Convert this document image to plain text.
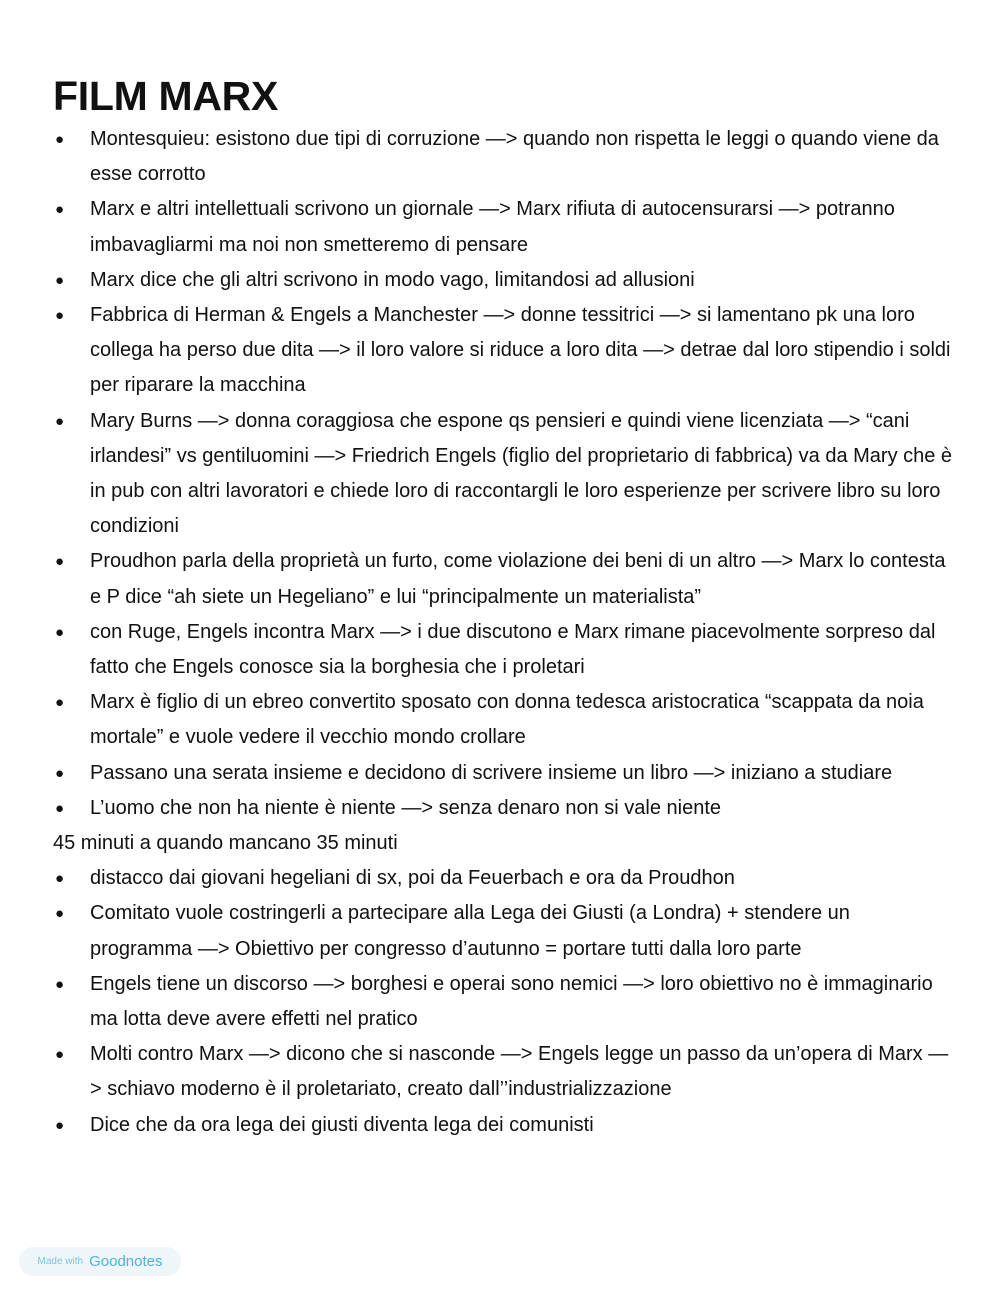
FILM MARX
● Montesquieu: esistono due tipi di corruzione —> quando non rispetta le leggi o quando viene da esse corrotto
● Marx e altri intellettuali scrivono un giornale —> Marx rifiuta di autocensurarsi —> potranno imbavagliarmi ma noi non smetteremo di pensare
● Marx dice che gli altri scrivono in modo vago, limitandosi ad allusioni
● Fabbrica di Herman & Engels a Manchester —> donne tessitrici —> si lamentano pk una loro collega ha perso due dita —> il loro valore si riduce a loro dita —> detrae dal loro stipendio i soldi per riparare la macchina
● Mary Burns —> donna coraggiosa che espone qs pensieri e quindi viene licenziata —> “cani irlandesi” vs gentiluomini —> Friedrich Engels (figlio del proprietario di fabbrica) va da Mary che è in pub con altri lavoratori e chiede loro di raccontargli le loro esperienze per scrivere libro su loro condizioni
● Proudhon parla della proprietà un furto, come violazione dei beni di un altro —> Marx lo contesta e P dice “ah siete un Hegeliano” e lui “principalmente un materialista”
● con Ruge, Engels incontra Marx —> i due discutono e Marx rimane piacevolmente sorpreso dal fatto che Engels conosce sia la borghesia che i proletari
● Marx è figlio di un ebreo convertito sposato con donna tedesca aristocratica “scappata da noia mortale” e vuole vedere il vecchio mondo crollare
● Passano una serata insieme e decidono di scrivere insieme un libro —> iniziano a studiare
● L’uomo che non ha niente è niente —> senza denaro non si vale niente

45 minuti a quando mancano 35 minuti

● distacco dai giovani hegeliani di sx, poi da Feuerbach e ora da Proudhon
● Comitato vuole costringerli a partecipare alla Lega dei Giusti (a Londra) + stendere un programma —> Obiettivo per congresso d’autunno = portare tutti dalla loro parte
● Engels tiene un discorso —> borghesi e operai sono nemici —> loro obiettivo no è immaginario ma lotta deve avere effetti nel pratico
● Molti contro Marx —> dicono che si nasconde —> Engels legge un passo da un’opera di Marx —> schiavo moderno è il proletariato, creato dall’’industrializzazione
● Dice che da ora lega dei giusti diventa lega dei comunisti
Made with Goodnotes
